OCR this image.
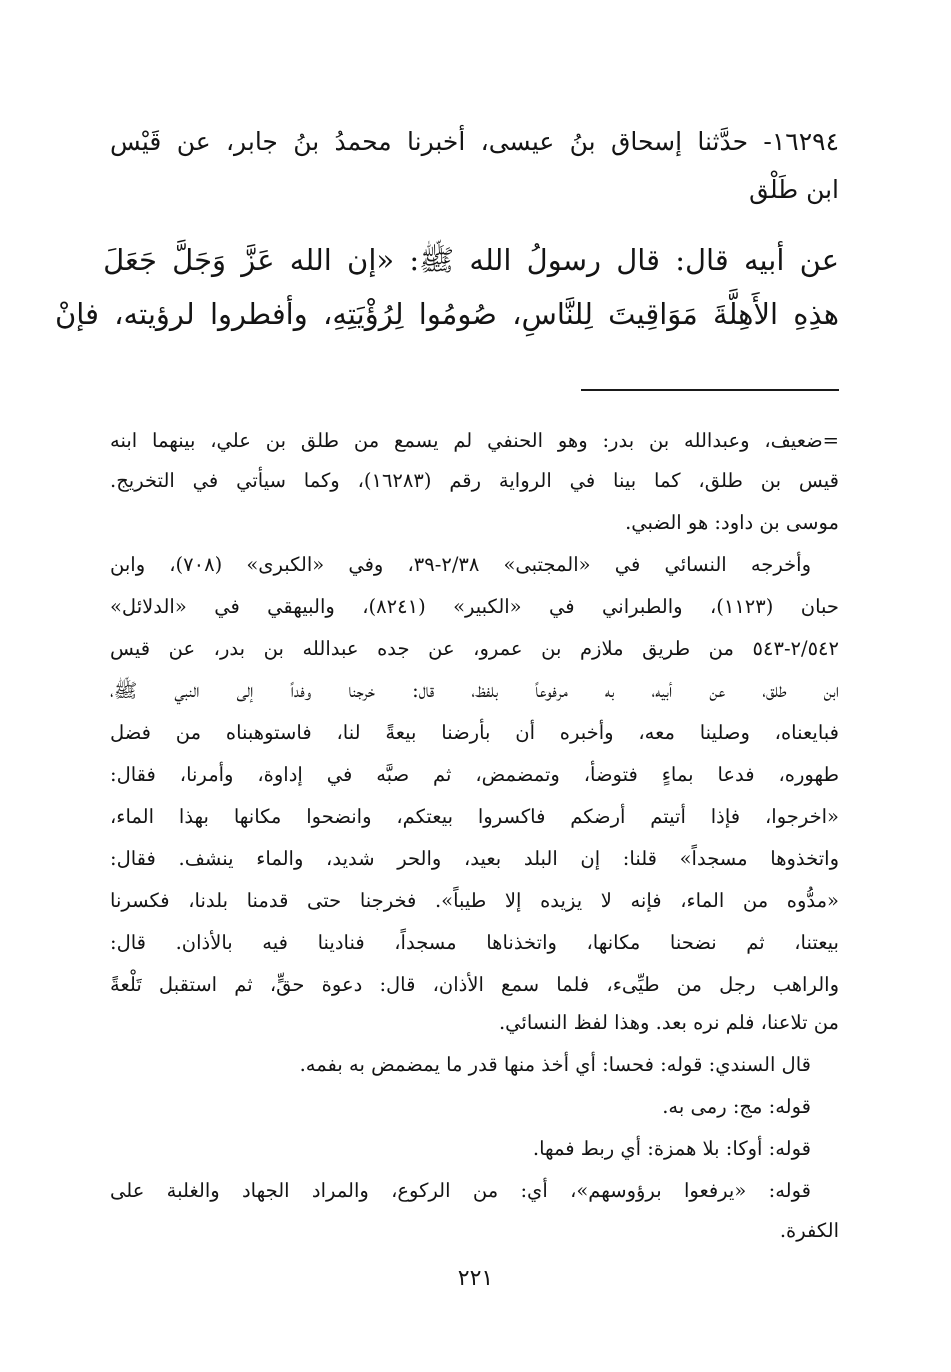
١٦٢٩٤- حدَّثنا إسحاق بنُ عيسى، أخبرنا محمدُ بنُ جابر، عن قَيْس
ابن طَلْق
عن أبيه قال: قال رسولُ الله ﷺ: «إن الله عَزَّ وَجَلَّ جَعَلَ
هذِهِ الأَهِلَّةَ مَوَاقِيتَ لِلنَّاسِ، صُومُوا لِرُؤْيَتِهِ، وأفطروا لرؤيته، فإنْ
=ضعيف، وعبدالله بن بدر: وهو الحنفي لم يسمع من طلق بن علي، بينهما ابنه
قيس بن طلق، كما بينا في الرواية رقم (١٦٢٨٣)، وكما سيأتي في التخريج.
موسى بن داود: هو الضبي.
وأخرجه النسائي في «المجتبى» ٢/٣٨-٣٩، وفي «الكبرى» (٧٠٨)، وابن
حبان (١١٢٣)، والطبراني في «الكبير» (٨٢٤١)، والبيهقي في «الدلائل»
٢/٥٤٢-٥٤٣ من طريق ملازم بن عمرو، عن جده عبدالله بن بدر، عن قيس
ابن طلق، عن أبيه، به مرفوعاً بلفظ، قال: خرجنا وفداً إلى النبي ﷺ،
فبايعناه، وصلينا معه، وأخبره أن بأرضنا بيعةً لنا، فاستوهبناه من فضل
طهوره، فدعا بماءٍ فتوضأ، وتمضمض، ثم صبَّه في إداوة، وأمرنا، فقال:
«اخرجوا، فإذا أتيتم أرضكم فاكسروا بيعتكم، وانضحوا مكانها بهذا الماء،
واتخذوها مسجداً» قلنا: إن البلد بعيد، والحر شديد، والماء ينشف. فقال:
«مدُّوه من الماء، فإنه لا يزيده إلا طيباً». فخرجنا حتى قدمنا بلدنا، فكسرنا
بيعتنا، ثم نضحنا مكانها، واتخذناها مسجداً، فنادينا فيه بالأذان. قال:
والراهب رجل من طيِّىء، فلما سمع الأذان، قال: دعوة حقٍّ، ثم استقبل تَلْعةً
من تلاعنا، فلم نره بعد. وهذا لفظ النسائي.
قال السندي: قوله: فحسا: أي أخذ منها قدر ما يمضمض به بفمه.
قوله: مج: رمى به.
قوله: أوكا: بلا همزة: أي ربط فمها.
قوله: «يرفعوا برؤوسهم»، أي: من الركوع، والمراد الجهاد والغلبة على
الكفرة.
٢٢١
